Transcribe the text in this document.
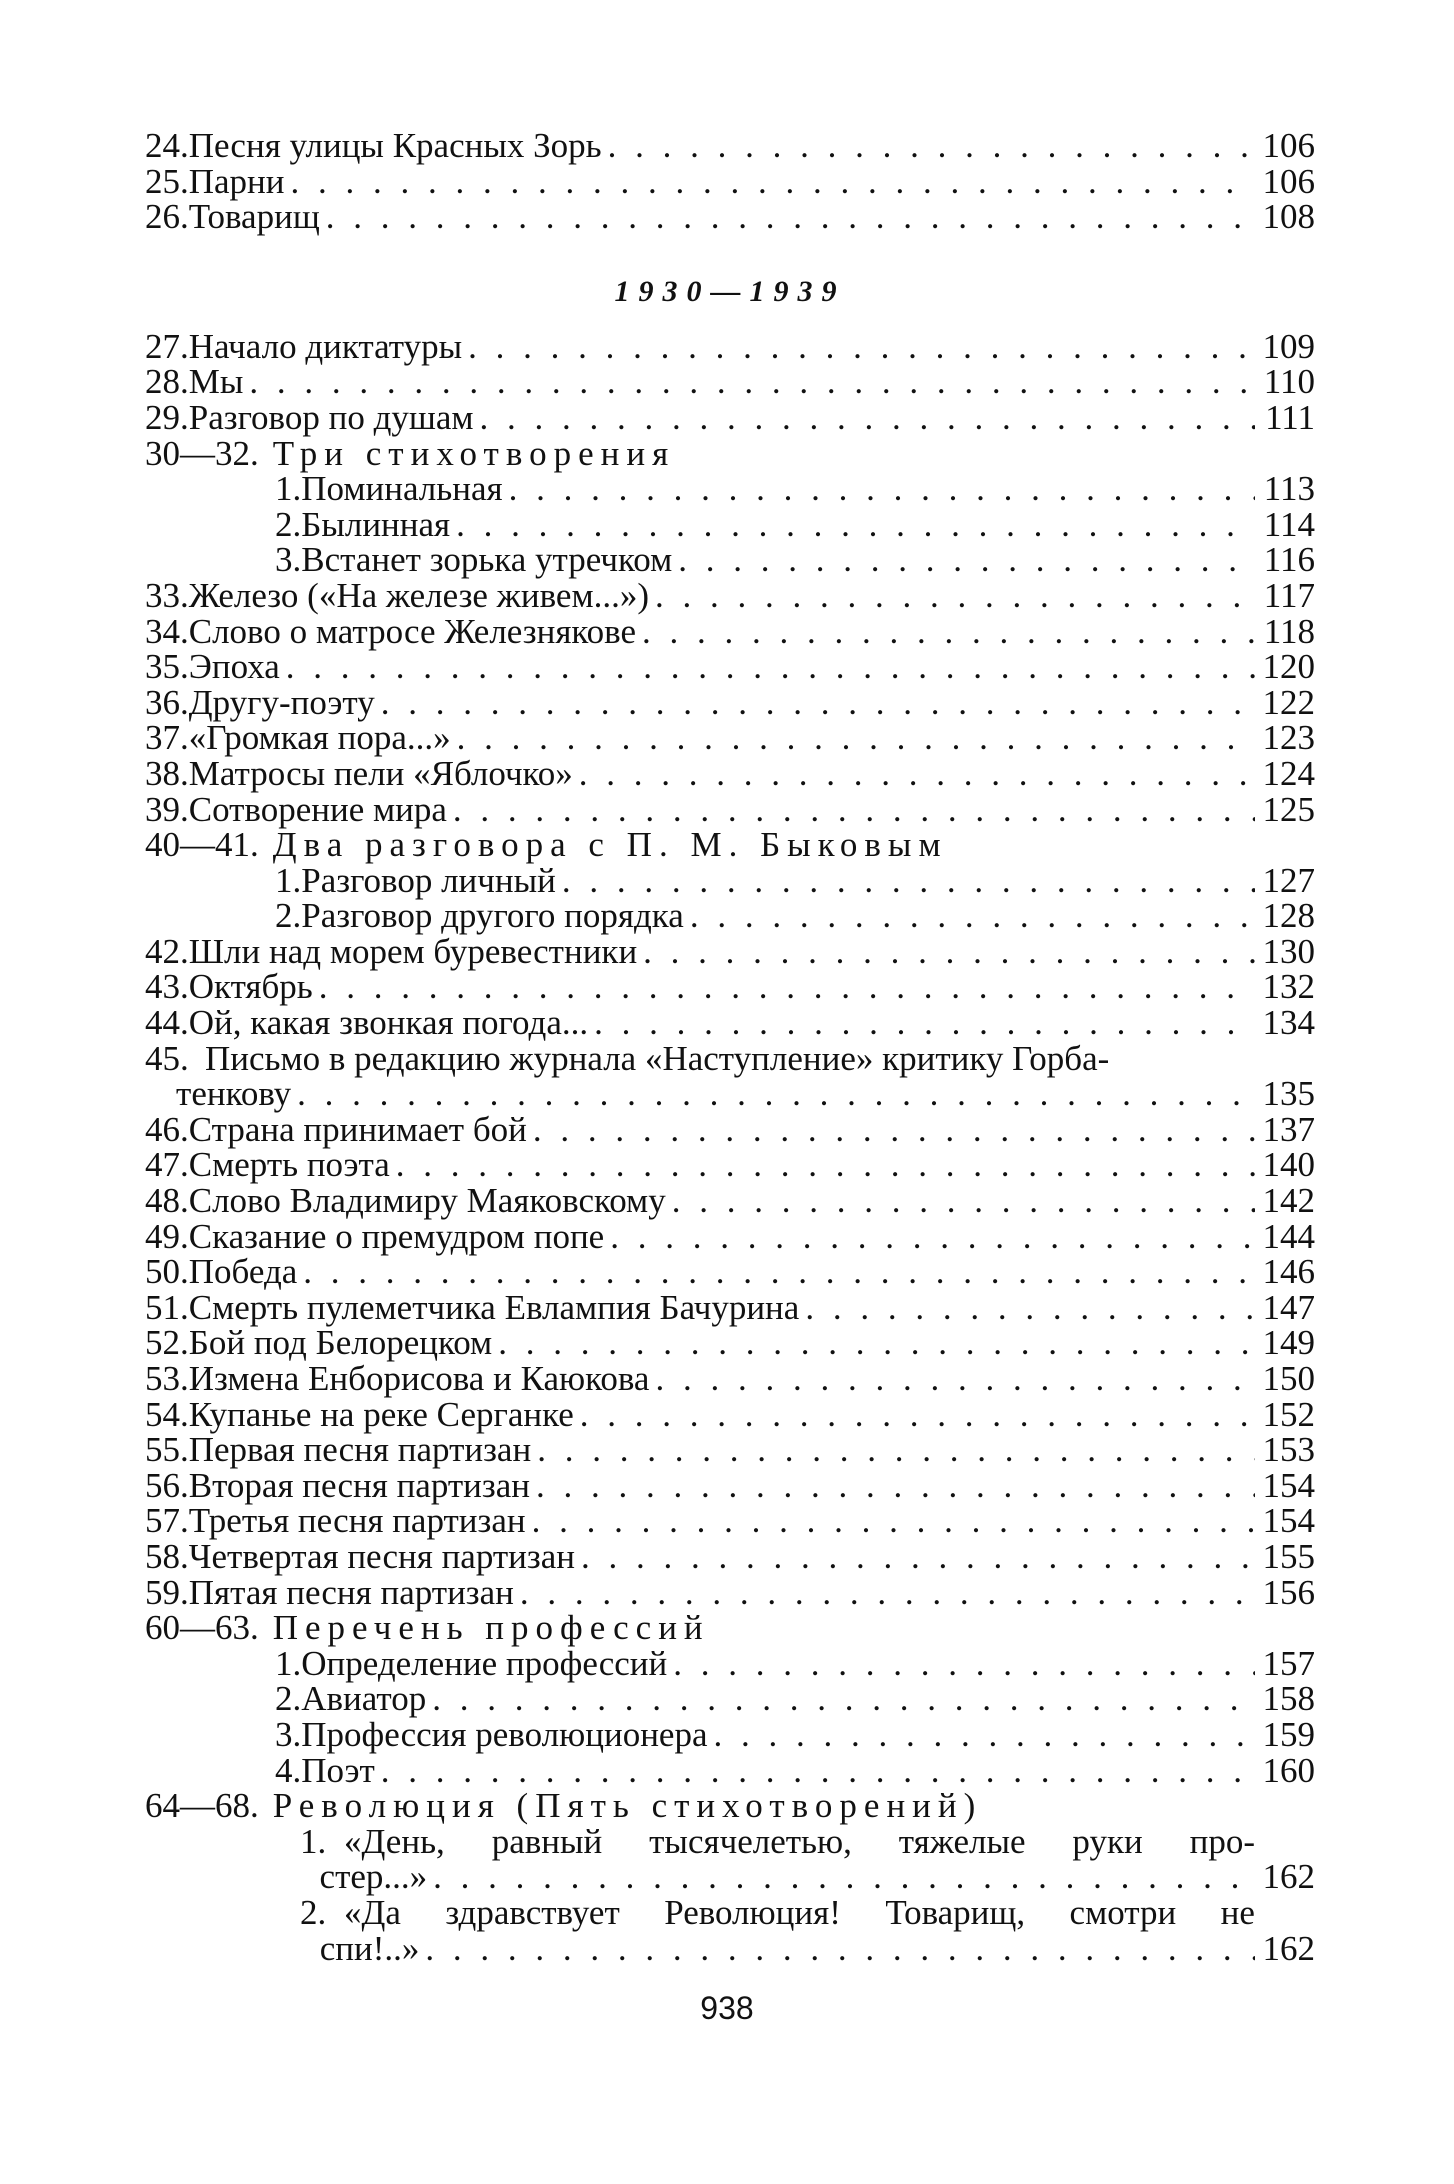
24. Песня улицы Красных Зорь . . .	106
25. Парни . . .	106
26. Товарищ . . .	108
1930—1939
27. Начало диктатуры . . .	109
28. Мы . . .	110
29. Разговор по душам . . .	111
30—32. Три стихотворения
1. Поминальная . . .	113
2. Былинная . . .	114
3. Встанет зорька утречком . . .	116
33. Железо («На железе живем...») . . .	117
34. Слово о матросе Железнякове . . .	118
35. Эпоха . . .	120
36. Другу-поэту . . .	122
37. «Громкая пора...» . . .	123
38. Матросы пели «Яблочко» . . .	124
39. Сотворение мира . . .	125
40—41. Два разговора с П. М. Быковым
1. Разговор личный . . .	127
2. Разговор другого порядка . . .	128
42. Шли над морем буревестники . . .	130
43. Октябрь . . .	132
44. Ой, какая звонкая погода... . . .	134
45. Письмо в редакцию журнала «Наступление» критику Горба-
тенкову . . .	135
46. Страна принимает бой . . .	137
47. Смерть поэта . . .	140
48. Слово Владимиру Маяковскому . . .	142
49. Сказание о премудром попе . . .	144
50. Победа . . .	146
51. Смерть пулеметчика Евлампия Бачурина . . .	147
52. Бой под Белорецком . . .	149
53. Измена Енборисова и Каюкова . . .	150
54. Купанье на реке Серганке . . .	152
55. Первая песня партизан . . .	153
56. Вторая песня партизан . . .	154
57. Третья песня партизан . . .	154
58. Четвертая песня партизан . . .	155
59. Пятая песня партизан . . .	156
60—63. Перечень профессий
1. Определение профессий . . .	157
2. Авиатор . . .	158
3. Профессия революционера . . .	159
4. Поэт . . .	160
64—68. Революция (Пять стихотворений)
1. «День, равный тысячелетью, тяжелые руки про-
стер...» . . .	162
2. «Да здравствует Революция! Товарищ, смотри не
спи!..» . . .	162
938
